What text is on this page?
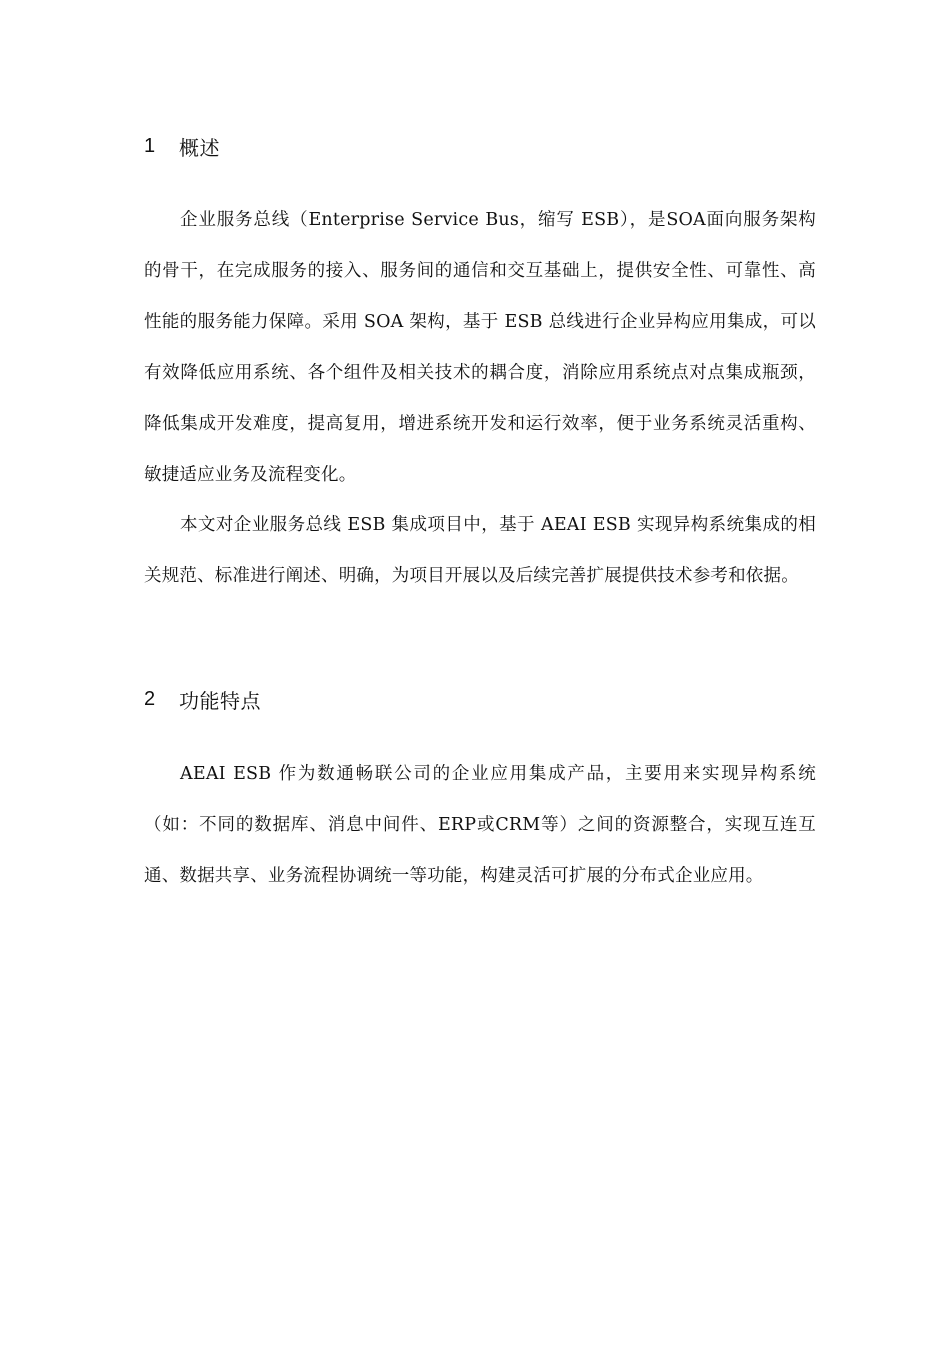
1	概述

企业服务总线（Enterprise Service Bus，缩写 ESB），是SOA面向服务架构的骨干，在完成服务的接入、服务间的通信和交互基础上，提供安全性、可靠性、高性能的服务能力保障。采用 SOA 架构，基于 ESB 总线进行企业异构应用集成，可以有效降低应用系统、各个组件及相关技术的耦合度，消除应用系统点对点集成瓶颈，降低集成开发难度，提高复用，增进系统开发和运行效率，便于业务系统灵活重构、敏捷适应业务及流程变化。

本文对企业服务总线 ESB 集成项目中，基于 AEAI ESB 实现异构系统集成的相关规范、标准进行阐述、明确，为项目开展以及后续完善扩展提供技术参考和依据。

2	功能特点

AEAI ESB 作为数通畅联公司的企业应用集成产品，主要用来实现异构系统（如：不同的数据库、消息中间件、ERP或CRM等）之间的资源整合，实现互连互通、数据共享、业务流程协调统一等功能，构建灵活可扩展的分布式企业应用。
